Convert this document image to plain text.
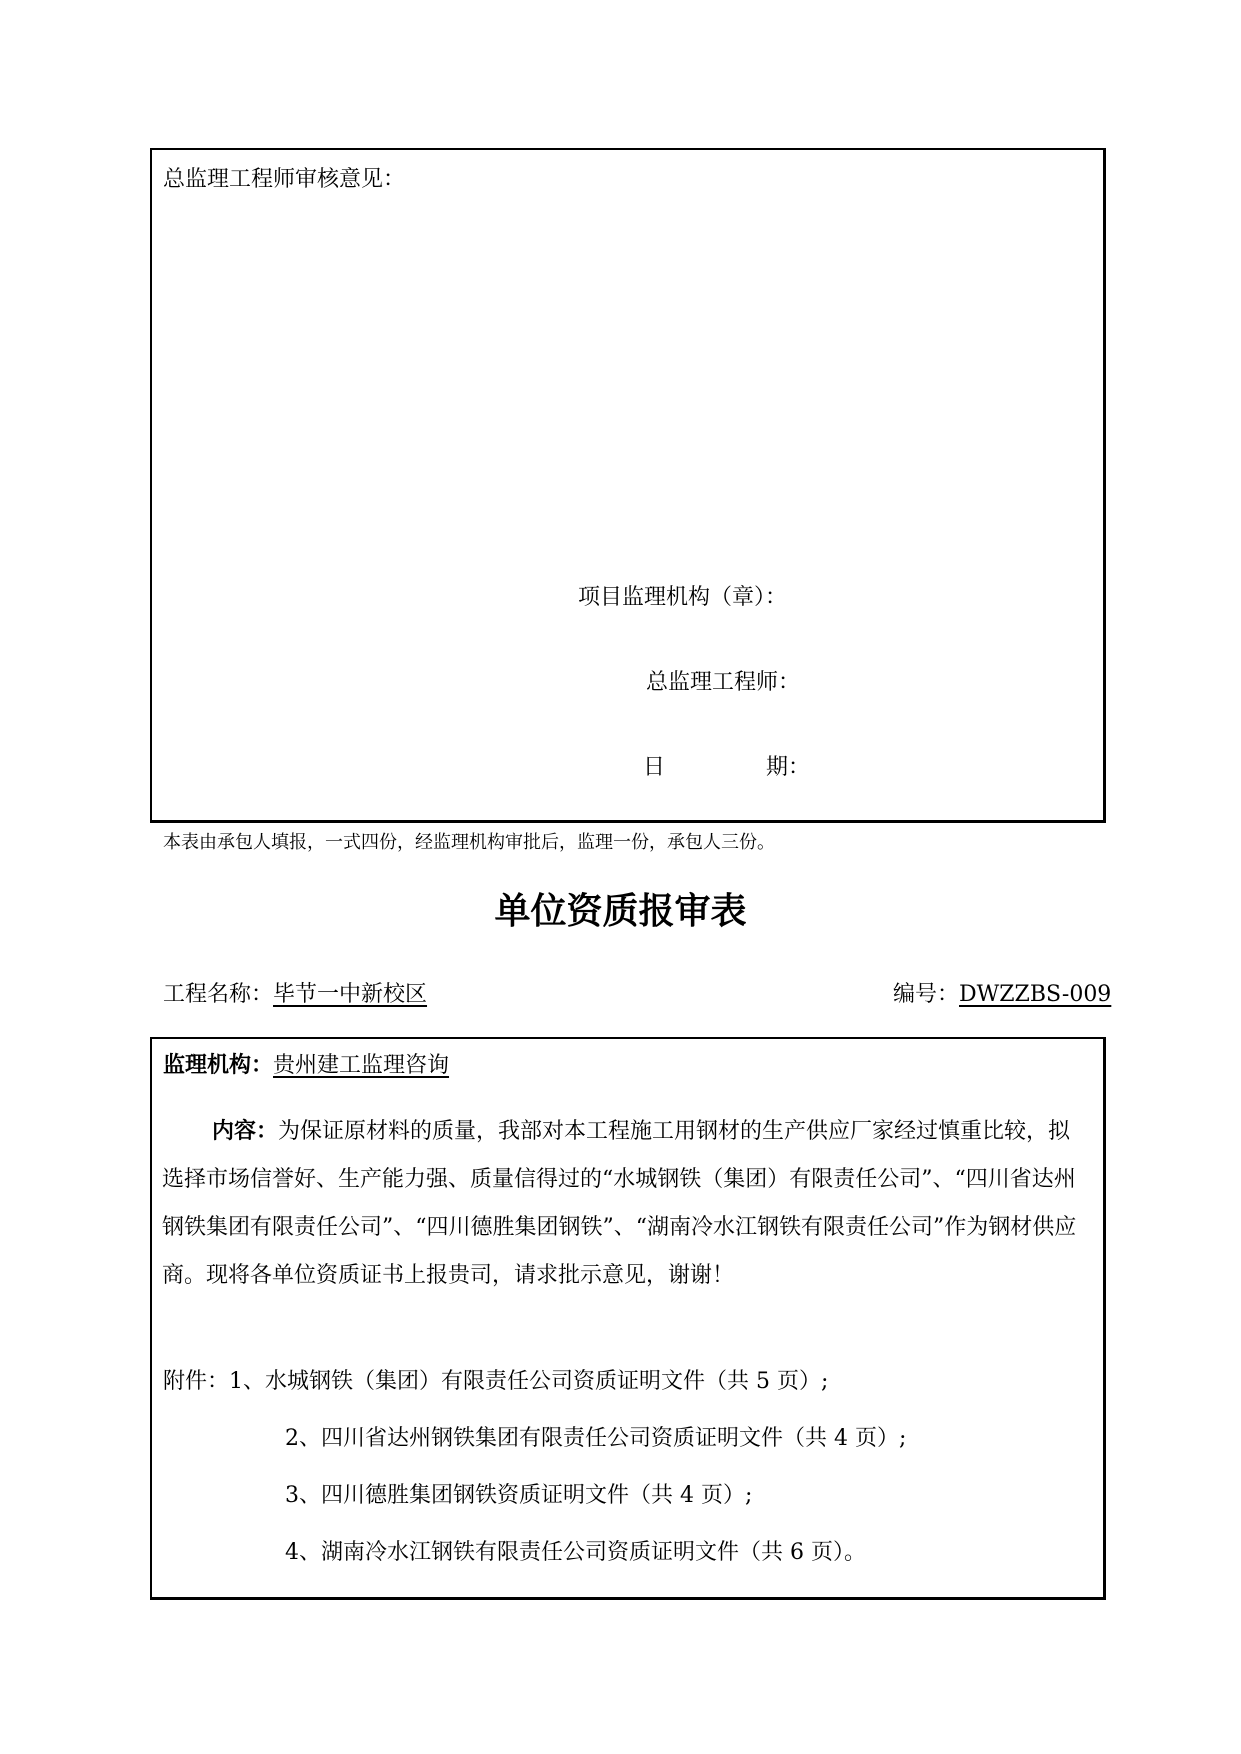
总监理工程师审核意见：
项目监理机构（章）：
总监理工程师：
日	期：
本表由承包人填报，一式四份，经监理机构审批后，监理一份，承包人三份。
单位资质报审表
工程名称：毕节一中新校区	编号：DWZZBS-009
监理机构：贵州建工监理咨询
内容：为保证原材料的质量，我部对本工程施工用钢材的生产供应厂家经过慎重比较，拟选择市场信誉好、生产能力强、质量信得过的“水城钢铁（集团）有限责任公司”、“四川省达州钢铁集团有限责任公司”、“四川德胜集团钢铁”、“湖南冷水江钢铁有限责任公司”作为钢材供应商。现将各单位资质证书上报贵司，请求批示意见，谢谢！
附件：1、水城钢铁（集团）有限责任公司资质证明文件（共 5 页）;
2、四川省达州钢铁集团有限责任公司资质证明文件（共 4 页）;
3、四川德胜集团钢铁资质证明文件（共 4 页）;
4、湖南冷水江钢铁有限责任公司资质证明文件（共 6 页）。
